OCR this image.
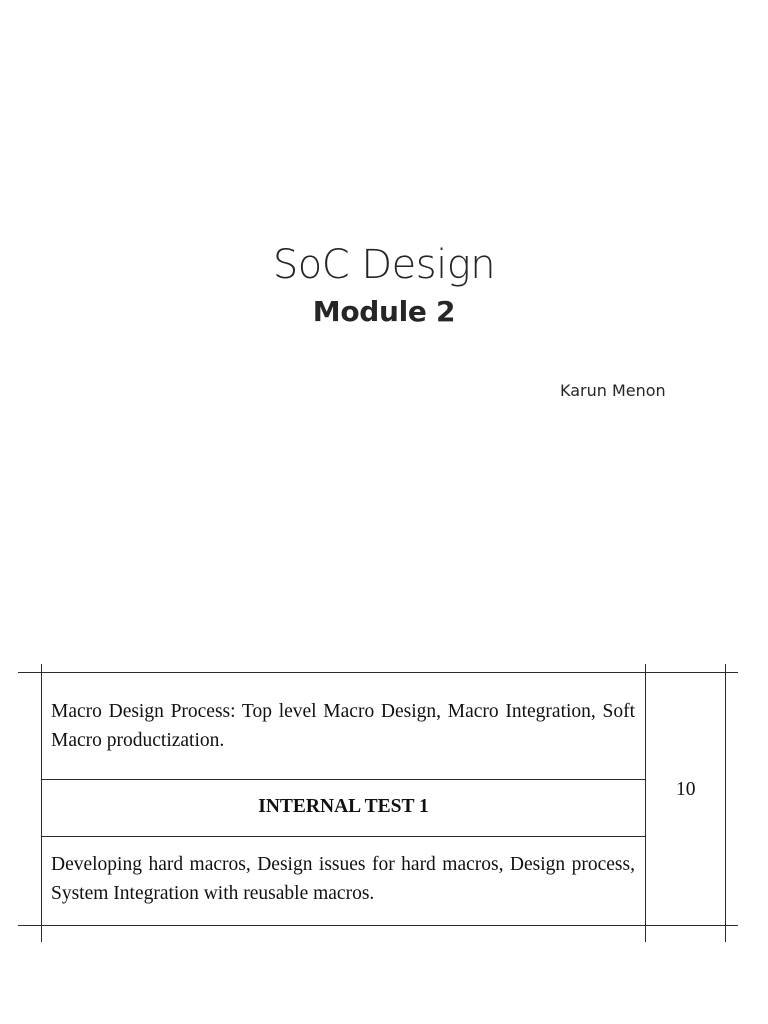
SoC Design
Module 2
Karun Menon
Macro Design Process: Top level Macro Design, Macro Integration, Soft Macro productization.
INTERNAL TEST 1
Developing hard macros, Design issues for hard macros, Design process, System Integration with reusable macros.
10
